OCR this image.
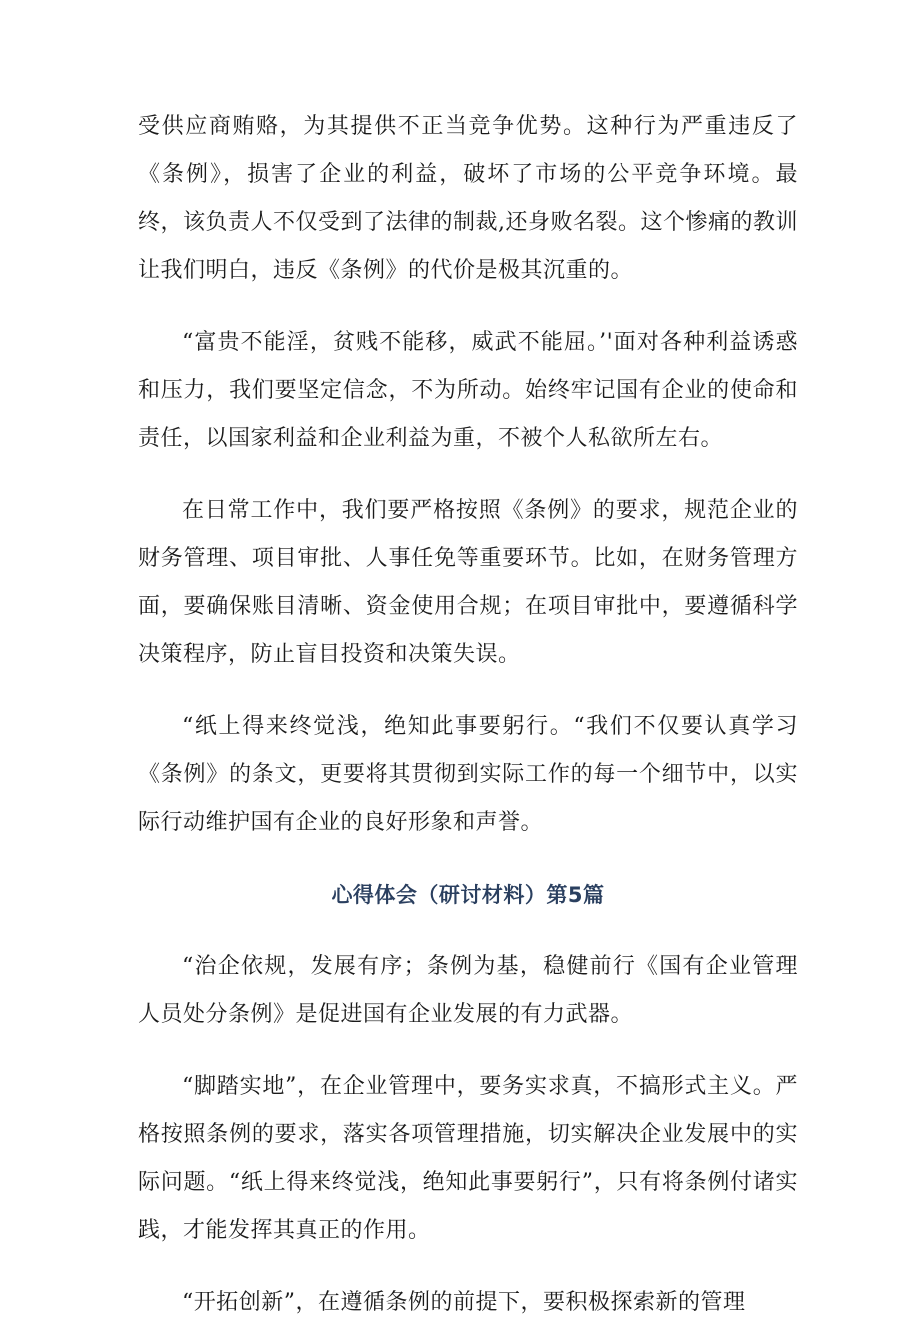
受供应商贿赂，为其提供不正当竞争优势。这种行为严重违反了《条例》，损害了企业的利益，破坏了市场的公平竞争环境。最终，该负责人不仅受到了法律的制裁,还身败名裂。这个惨痛的教训让我们明白，违反《条例》的代价是极其沉重的。

“富贵不能淫，贫贱不能移，威武不能屈。’'面对各种利益诱惑和压力，我们要坚定信念，不为所动。始终牢记国有企业的使命和责任，以国家利益和企业利益为重，不被个人私欲所左右。

在日常工作中，我们要严格按照《条例》的要求，规范企业的财务管理、项目审批、人事任免等重要环节。比如，在财务管理方面，要确保账目清晰、资金使用合规；在项目审批中，要遵循科学决策程序，防止盲目投资和决策失误。

“纸上得来终觉浅，绝知此事要躬行。“我们不仅要认真学习《条例》的条文，更要将其贯彻到实际工作的每一个细节中，以实际行动维护国有企业的良好形象和声誉。

心得体会（研讨材料）第5篇

“治企依规，发展有序；条例为基，稳健前行《国有企业管理人员处分条例》是促进国有企业发展的有力武器。

“脚踏实地”，在企业管理中，要务实求真，不搞形式主义。严格按照条例的要求，落实各项管理措施，切实解决企业发展中的实际问题。“纸上得来终觉浅，绝知此事要躬行”，只有将条例付诸实践，才能发挥其真正的作用。

“开拓创新”，在遵循条例的前提下，要积极探索新的管理
